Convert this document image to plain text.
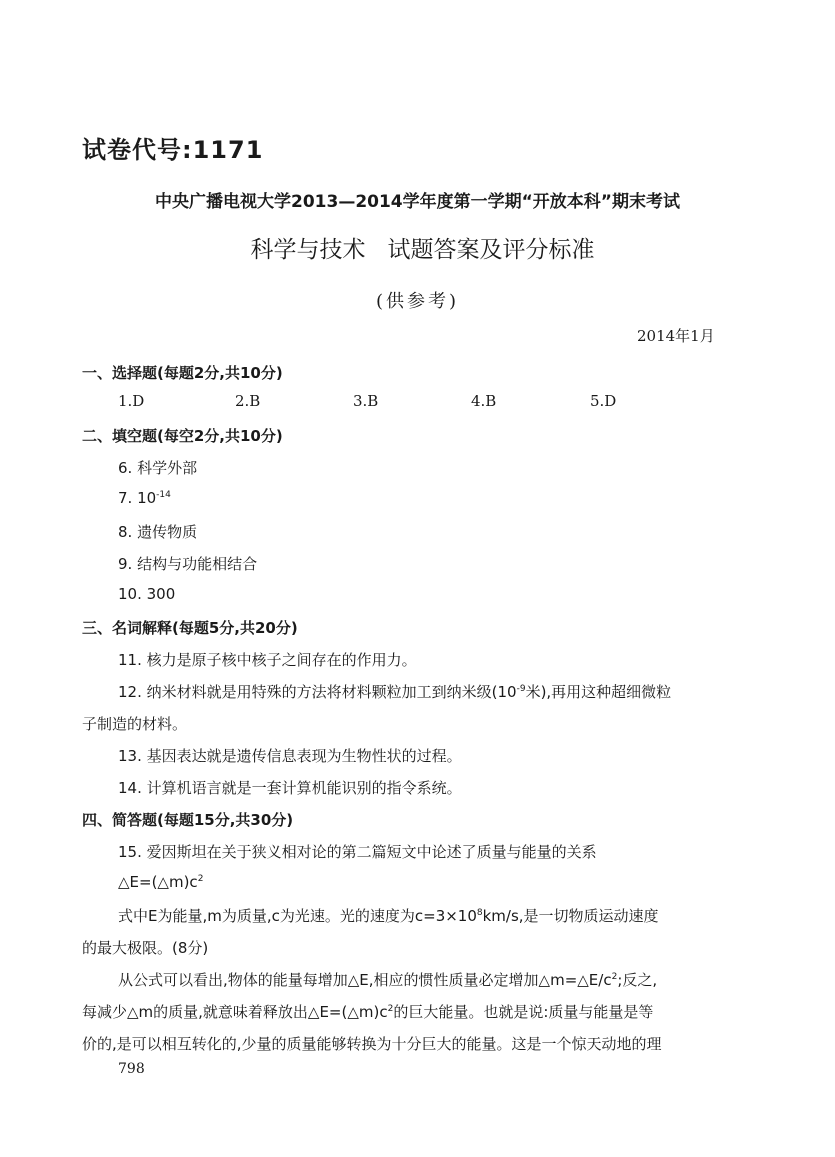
试卷代号:1171
中央广播电视大学2013—2014学年度第一学期“开放本科”期末考试
科学与技术 试题答案及评分标准
(供参考)
2014年1月
一、选择题(每题2分,共10分)
1.D	2.B	3.B	4.B	5.D
二、填空题(每空2分,共10分)
6. 科学外部
7. $10^{-14}$
8. 遗传物质
9. 结构与功能相结合
10. 300
三、名词解释(每题5分,共20分)
11. 核力是原子核中核子之间存在的作用力。
12. 纳米材料就是用特殊的方法将材料颗粒加工到纳米级($10^{-9}$米),再用这种超细微粒
子制造的材料。
13. 基因表达就是遗传信息表现为生物性状的过程。
14. 计算机语言就是一套计算机能识别的指令系统。
四、简答题(每题15分,共30分)
15. 爱因斯坦在关于狭义相对论的第二篇短文中论述了质量与能量的关系
$\triangle E=(\triangle m)c^2$
式中E为能量,m为质量,c为光速。光的速度为$c=3\times 10^8km/s$,是一切物质运动速度
的最大极限。(8分)
从公式可以看出,物体的能量每增加△E,相应的惯性质量必定增加$\triangle m=\triangle E/c^2$;反之,
每减少△m的质量,就意味着释放出$\triangle E=(\triangle m)c^2$的巨大能量。也就是说:质量与能量是等
价的,是可以相互转化的,少量的质量能够转换为十分巨大的能量。这是一个惊天动地的理
798
